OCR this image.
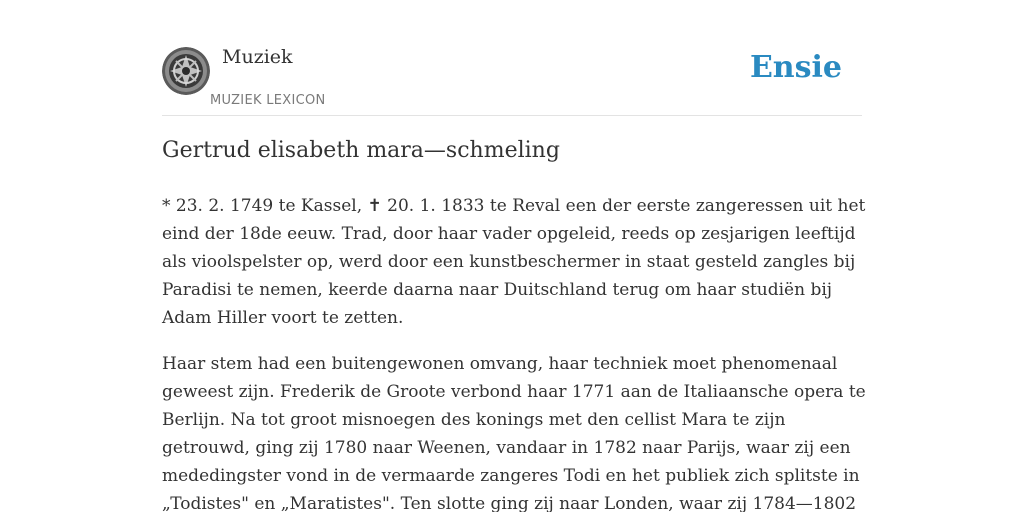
Muziek
MUZIEK LEXICON
Ensie
Gertrud elisabeth mara—schmeling

* 23. 2. 1749 te Kassel, ✝ 20. 1. 1833 te Reval een der eerste zangeressen uit het
eind der 18de eeuw. Trad, door haar vader opgeleid, reeds op zesjarigen leeftijd
als vioolspelster op, werd door een kunstbeschermer in staat gesteld zangles bij
Paradisi te nemen, keerde daarna naar Duitschland terug om haar studiën bij
Adam Hiller voort te zetten.

Haar stem had een buitengewonen omvang, haar techniek moet phenomenaal
geweest zijn. Frederik de Groote verbond haar 1771 aan de Italiaansche opera te
Berlijn. Na tot groot misnoegen des konings met den cellist Mara te zijn
getrouwd, ging zij 1780 naar Weenen, vandaar in 1782 naar Parijs, waar zij een
mededingster vond in de vermaarde zangeres Todi en het publiek zich splitste in
„Todistes" en „Maratistes". Ten slotte ging zij naar Londen, waar zij 1784—1802
